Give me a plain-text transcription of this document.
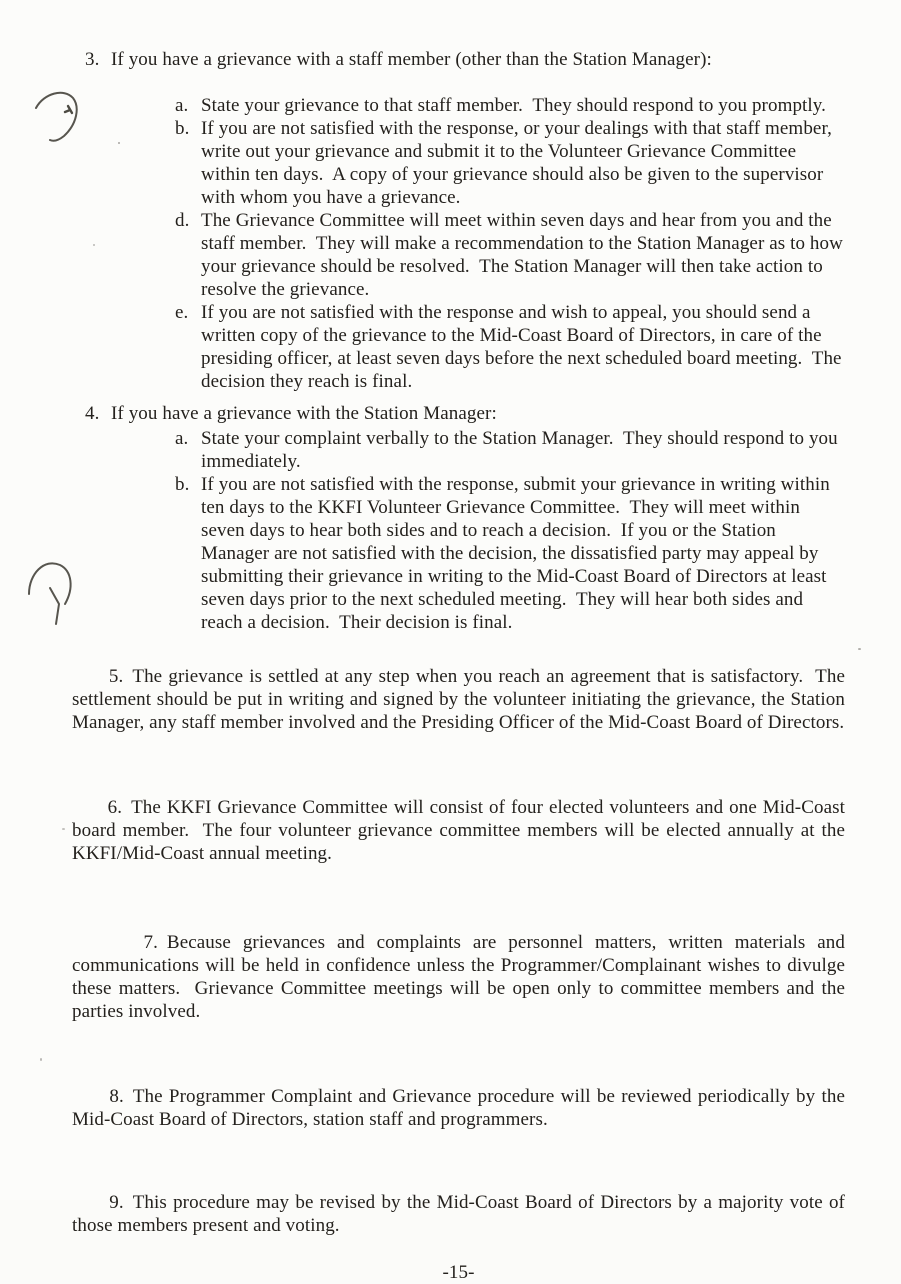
3. If you have a grievance with a staff member (other than the Station Manager):
a. State your grievance to that staff member.  They should respond to you promptly.
b. If you are not satisfied with the response, or your dealings with that staff member, write out your grievance and submit it to the Volunteer Grievance Committee within ten days.  A copy of your grievance should also be given to the supervisor with whom you have a grievance.
d. The Grievance Committee will meet within seven days and hear from you and the staff member.  They will make a recommendation to the Station Manager as to how your grievance should be resolved.  The Station Manager will then take action to resolve the grievance.
e. If you are not satisfied with the response and wish to appeal, you should send a written copy of the grievance to the Mid-Coast Board of Directors, in care of the presiding officer, at least seven days before the next scheduled board meeting.  The decision they reach is final.
4. If you have a grievance with the Station Manager:
a. State your complaint verbally to the Station Manager.  They should respond to you immediately.
b. If you are not satisfied with the response, submit your grievance in writing within ten days to the KKFI Volunteer Grievance Committee.  They will meet within seven days to hear both sides and to reach a decision.  If you or the Station Manager are not satisfied with the decision, the dissatisfied party may appeal by submitting their grievance in writing to the Mid-Coast Board of Directors at least seven days prior to the next scheduled meeting.  They will hear both sides and reach a decision.  Their decision is final.

5. The grievance is settled at any step when you reach an agreement that is satisfactory.  The settlement should be put in writing and signed by the volunteer initiating the grievance, the Station Manager, any staff member involved and the Presiding Officer of the Mid-Coast Board of Directors.

6. The KKFI Grievance Committee will consist of four elected volunteers and one Mid-Coast board member.  The four volunteer grievance committee members will be elected annually at the KKFI/Mid-Coast annual meeting.

7. Because grievances and complaints are personnel matters, written materials and communications will be held in confidence unless the Programmer/Complainant wishes to divulge these matters.  Grievance Committee meetings will be open only to committee members and the parties involved.

8. The Programmer Complaint and Grievance procedure will be reviewed periodically by the Mid-Coast Board of Directors, station staff and programmers.

9. This procedure may be revised by the Mid-Coast Board of Directors by a majority vote of those members present and voting.

-15-
